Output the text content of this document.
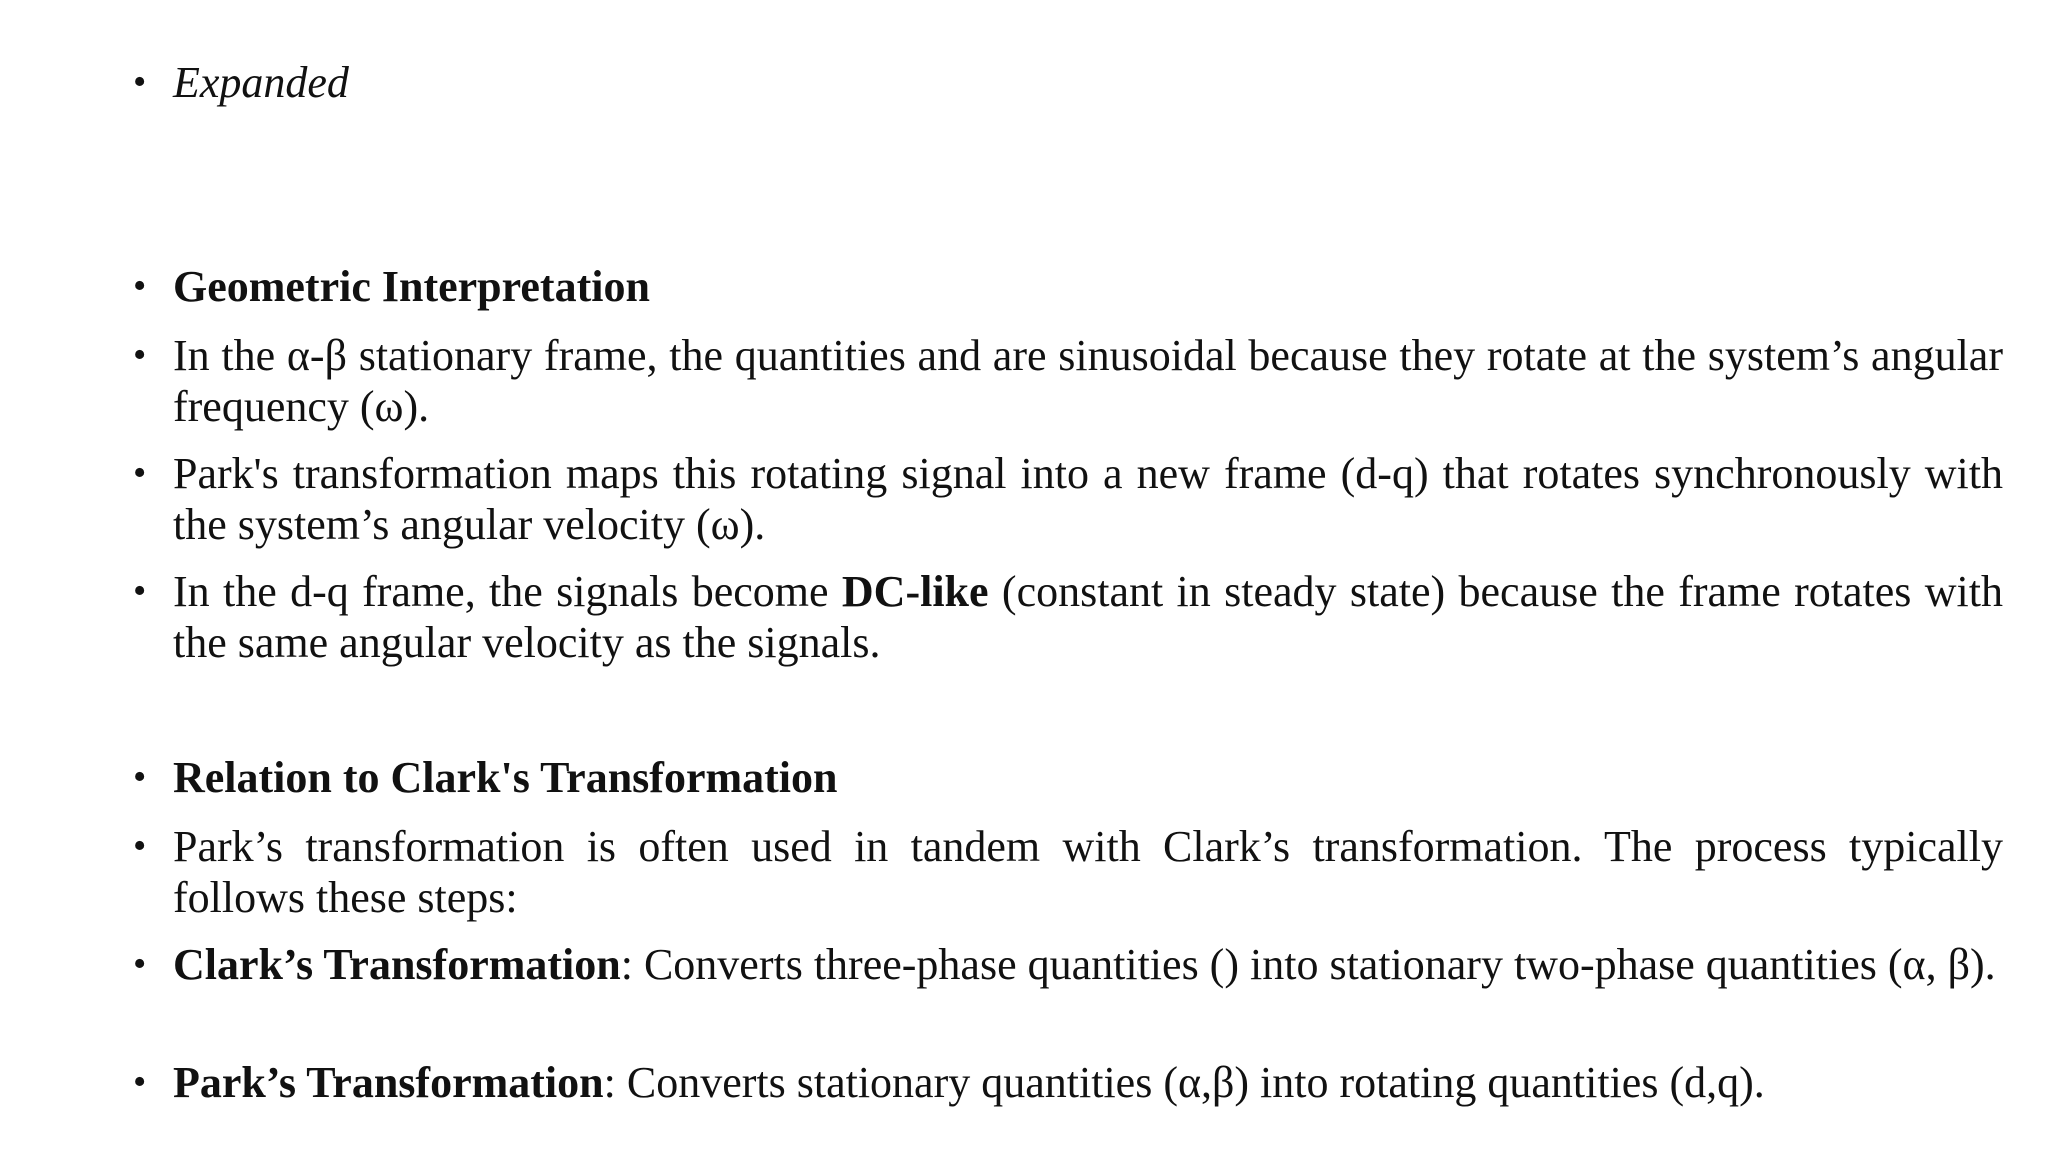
• Expanded
• Geometric Interpretation
• In the α-β stationary frame, the quantities and are sinusoidal because they rotate at the system’s angular frequency (ω).
• Park's transformation maps this rotating signal into a new frame (d-q) that rotates synchronously with the system’s angular velocity (ω).
• In the d-q frame, the signals become DC-like (constant in steady state) because the frame rotates with the same angular velocity as the signals.
• Relation to Clark's Transformation
• Park’s transformation is often used in tandem with Clark’s transformation. The process typically follows these steps:
• Clark’s Transformation: Converts three-phase quantities () into stationary two-phase quantities (α, β).
• Park’s Transformation: Converts stationary quantities (α,β) into rotating quantities (d,q).
